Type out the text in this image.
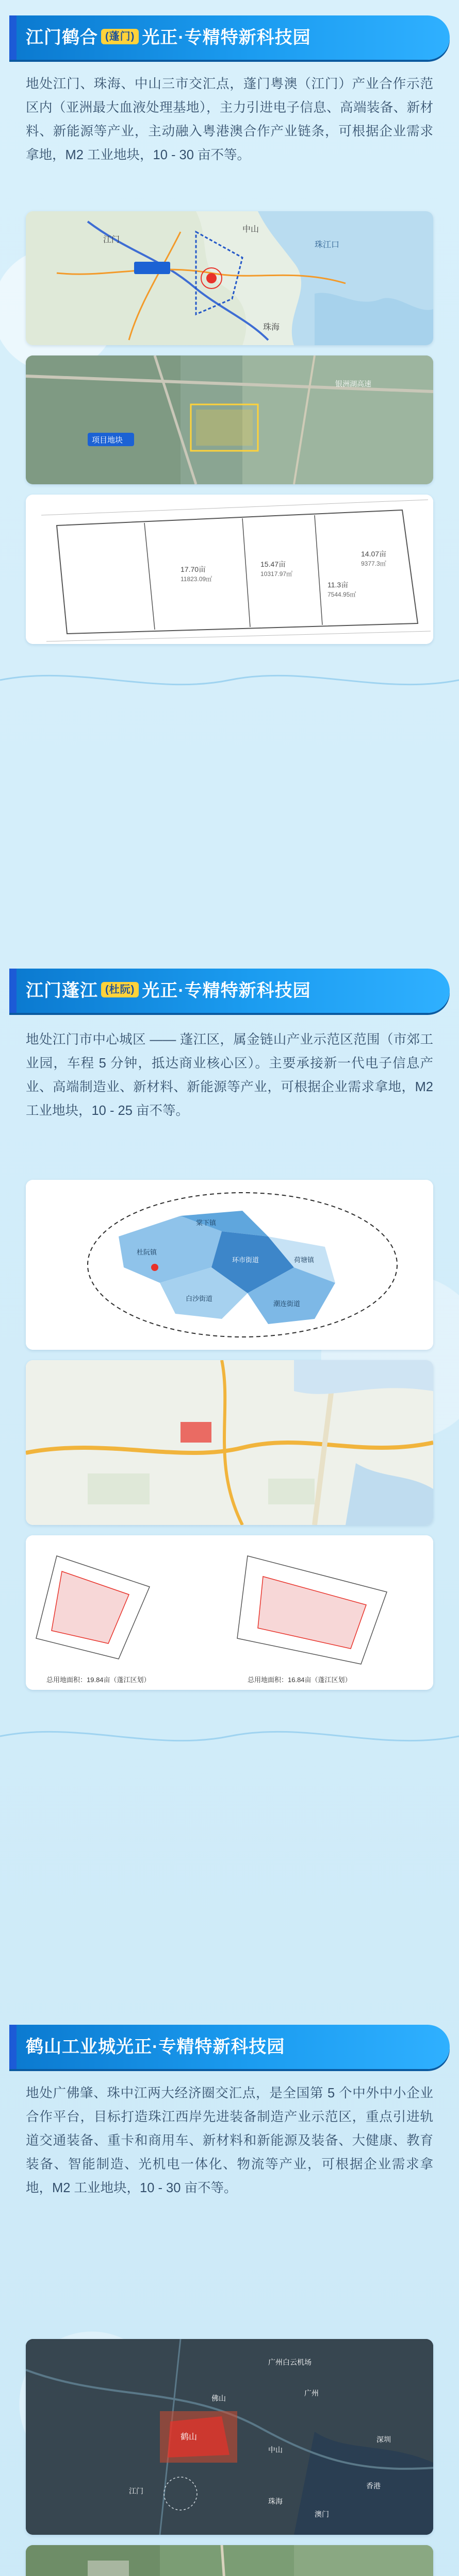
江门鹤合 (蓬门) 光正·专精特新科技园

地处江门、珠海、中山三市交汇点，蓬门粤澳（江门）产业合作示范区内（亚洲最大血液处理基地），主力引进电子信息、高端装备、新材料、新能源等产业，主动融入粤港澳合作产业链条，可根据企业需求拿地，M2 工业地块，10 - 30 亩不等。

珠江口
江门
中山
珠海
项目地块
银洲湖高速
17.70亩
11823.09㎡
15.47亩
10317.97㎡
11.3亩
7544.95㎡
14.07亩
9377.3㎡
江门蓬江 (杜阮) 光正·专精特新科技园

地处江门市中心城区 —— 蓬江区，属金链山产业示范区范围（市郊工业园，车程 5 分钟，抵达商业核心区）。主要承接新一代电子信息产业、高端制造业、新材料、新能源等产业，可根据企业需求拿地，M2 工业地块，10 - 25 亩不等。

杜阮镇
棠下镇
环市街道	荷塘镇
白沙街道
潮连街道
总用地面积：19.84亩（蓬江区划）	总用地面积：16.84亩（蓬江区划）
鹤山工业城光正·专精特新科技园

地处广佛肇、珠中江两大经济圈交汇点，是全国第 5 个中外中小企业合作平台，目标打造珠江西岸先进装备制造产业示范区，重点引进轨道交通装备、重卡和商用车、新材料和新能源及装备、大健康、教育装备、智能制造、光机电一体化、物流等产业，可根据企业需求拿地，M2 工业地块，10 - 30 亩不等。

广州白云机场
佛山
鹤山
广州
中山
江门
珠海
香港
澳门
深圳
